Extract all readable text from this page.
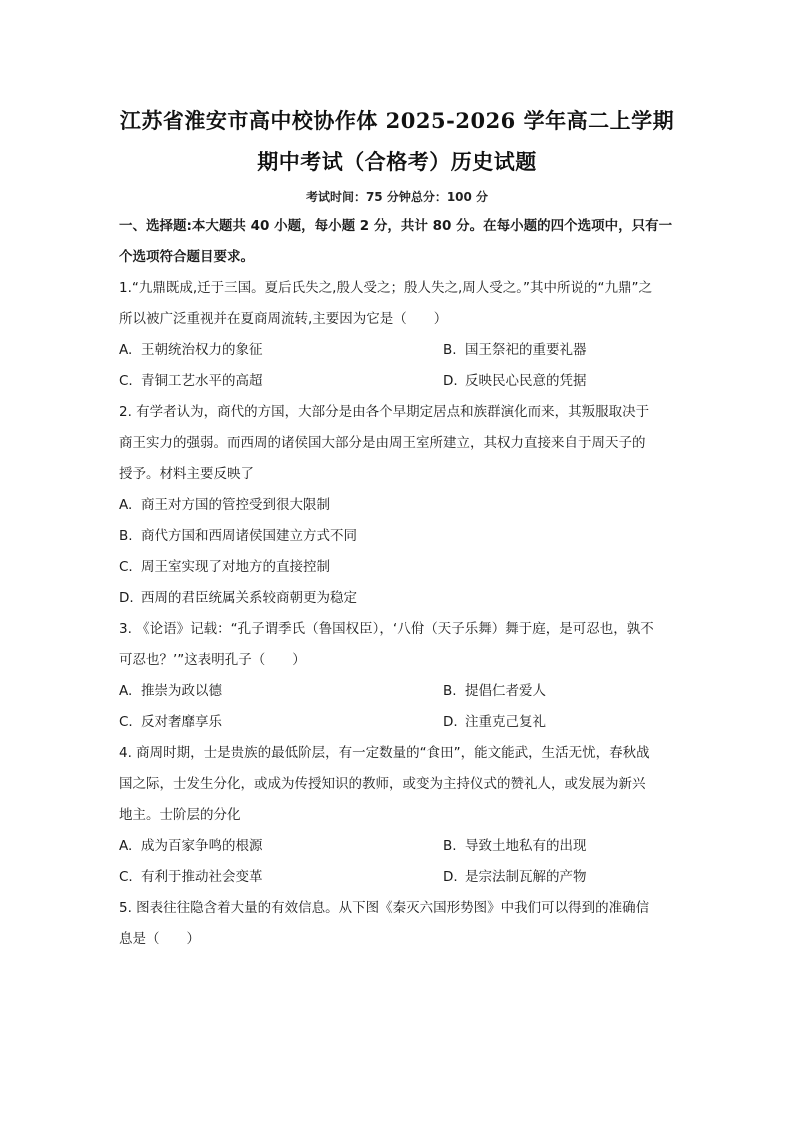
江苏省淮安市高中校协作体 2025-2026 学年高二上学期
期中考试（合格考）历史试题
考试时间：75 分钟总分：100 分
一、选择题:本大题共 40 小题，每小题 2 分，共计 80 分。在每小题的四个选项中，只有一
个选项符合题目要求。
1.“九鼎既成,迁于三国。夏后氏失之,殷人受之；殷人失之,周人受之。”其中所说的“九鼎”之
所以被广泛重视并在夏商周流转,主要因为它是（　　）
A. 王朝统治权力的象征	B. 国王祭祀的重要礼器
C. 青铜工艺水平的高超	D. 反映民心民意的凭据
2. 有学者认为，商代的方国，大部分是由各个早期定居点和族群演化而来，其叛服取决于
商王实力的强弱。而西周的诸侯国大部分是由周王室所建立，其权力直接来自于周天子的
授予。材料主要反映了
A. 商王对方国的管控受到很大限制
B. 商代方国和西周诸侯国建立方式不同
C. 周王室实现了对地方的直接控制
D. 西周的君臣统属关系较商朝更为稳定
3. 《论语》记载：“孔子谓季氏（鲁国权臣），‘八佾（天子乐舞）舞于庭，是可忍也，孰不
可忍也？’”这表明孔子（　　）
A. 推崇为政以德	B. 提倡仁者爱人
C. 反对奢靡享乐	D. 注重克己复礼
4. 商周时期，士是贵族的最低阶层，有一定数量的“食田”，能文能武，生活无忧，春秋战
国之际，士发生分化，或成为传授知识的教师，或变为主持仪式的赞礼人，或发展为新兴
地主。士阶层的分化
A. 成为百家争鸣的根源	B. 导致土地私有的出现
C. 有利于推动社会变革	D. 是宗法制瓦解的产物
5. 图表往往隐含着大量的有效信息。从下图《秦灭六国形势图》中我们可以得到的准确信
息是（　　）
